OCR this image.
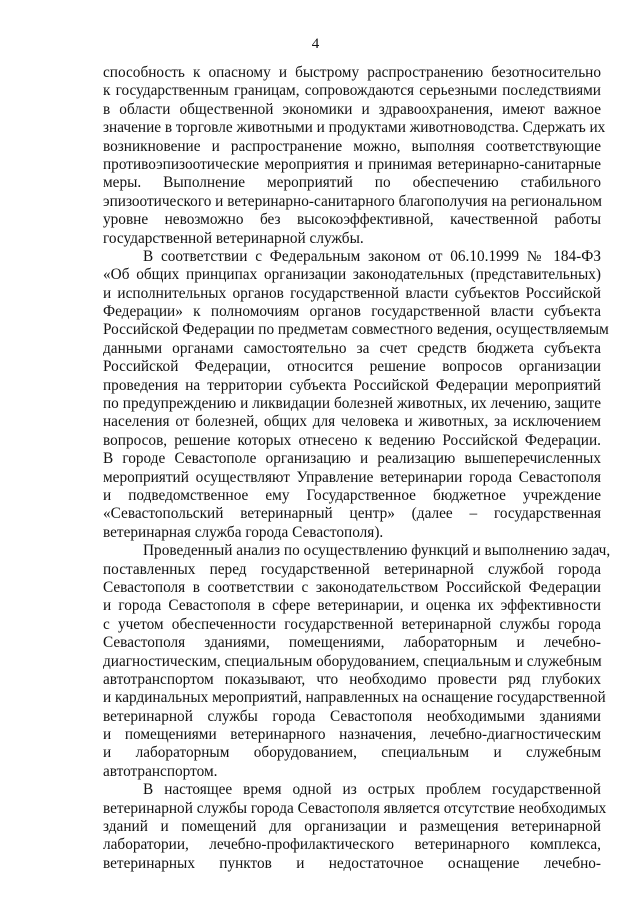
4
способность к опасному и быстрому распространению безотносительно
к государственным границам, сопровождаются серьезными последствиями
в области общественной экономики и здравоохранения, имеют важное
значение в торговле животными и продуктами животноводства. Сдержать их
возникновение и распространение можно, выполняя соответствующие
противоэпизоотические мероприятия и принимая ветеринарно-санитарные
меры. Выполнение мероприятий по обеспечению стабильного
эпизоотического и ветеринарно-санитарного благополучия на региональном
уровне невозможно без высокоэффективной, качественной работы
государственной ветеринарной службы.
В соответствии с Федеральным законом от 06.10.1999 № 184-ФЗ
«Об общих принципах организации законодательных (представительных)
и исполнительных органов государственной власти субъектов Российской
Федерации» к полномочиям органов государственной власти субъекта
Российской Федерации по предметам совместного ведения, осуществляемым
данными органами самостоятельно за счет средств бюджета субъекта
Российской Федерации, относится решение вопросов организации
проведения на территории субъекта Российской Федерации мероприятий
по предупреждению и ликвидации болезней животных, их лечению, защите
населения от болезней, общих для человека и животных, за исключением
вопросов, решение которых отнесено к ведению Российской Федерации.
В городе Севастополе организацию и реализацию вышеперечисленных
мероприятий осуществляют Управление ветеринарии города Севастополя
и подведомственное ему Государственное бюджетное учреждение
«Севастопольский ветеринарный центр» (далее – государственная
ветеринарная служба города Севастополя).
Проведенный анализ по осуществлению функций и выполнению задач,
поставленных перед государственной ветеринарной службой города
Севастополя в соответствии с законодательством Российской Федерации
и города Севастополя в сфере ветеринарии, и оценка их эффективности
с учетом обеспеченности государственной ветеринарной службы города
Севастополя зданиями, помещениями, лабораторным и лечебно-
диагностическим, специальным оборудованием, специальным и служебным
автотранспортом показывают, что необходимо провести ряд глубоких
и кардинальных мероприятий, направленных на оснащение государственной
ветеринарной службы города Севастополя необходимыми зданиями
и помещениями ветеринарного назначения, лечебно-диагностическим
и лабораторным оборудованием, специальным и служебным
автотранспортом.
В настоящее время одной из острых проблем государственной
ветеринарной службы города Севастополя является отсутствие необходимых
зданий и помещений для организации и размещения ветеринарной
лаборатории, лечебно-профилактического ветеринарного комплекса,
ветеринарных пунктов и недостаточное оснащение лечебно-
